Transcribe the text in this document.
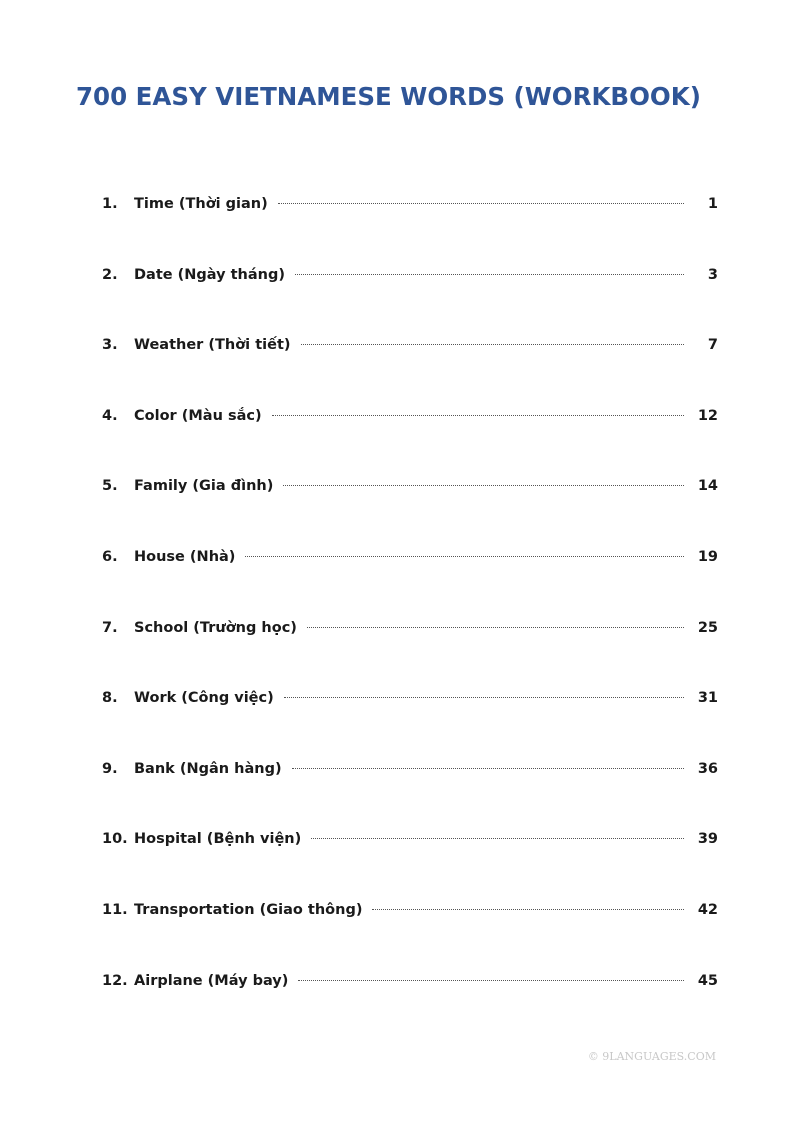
700 EASY VIETNAMESE WORDS (WORKBOOK)
1.	Time (Thời gian)	1
2.	Date (Ngày tháng)	3
3.	Weather (Thời tiết)	7
4.	Color (Màu sắc)	12
5.	Family (Gia đình)	14
6.	House (Nhà)	19
7.	School (Trường học)	25
8.	Work (Công việc)	31
9.	Bank (Ngân hàng)	36
10. Hospital (Bệnh viện)	39
11. Transportation (Giao thông)	42
12. Airplane (Máy bay)	45
© 9LANGUAGES.COM
